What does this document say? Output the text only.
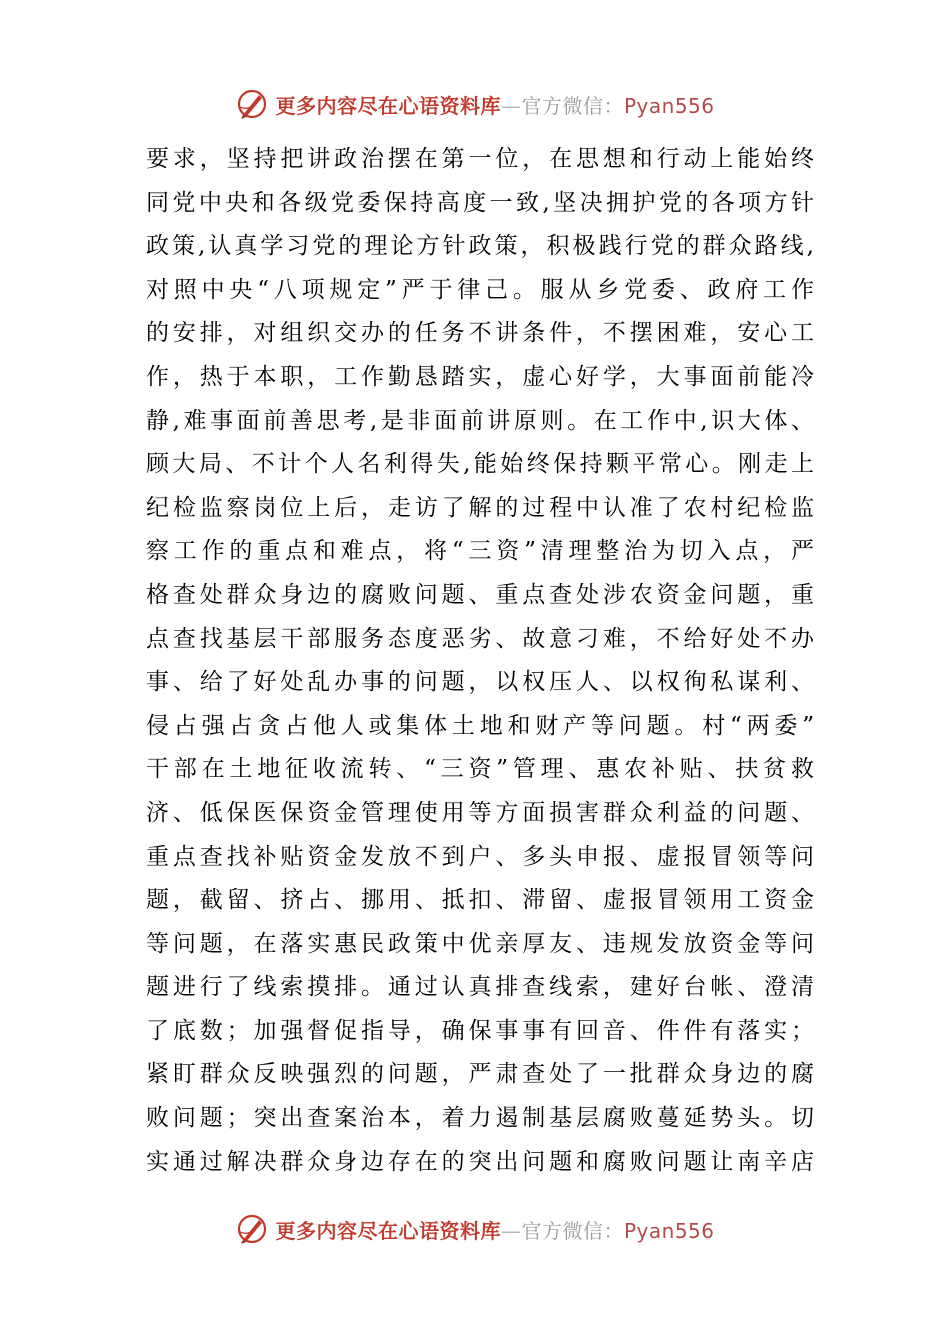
更多内容尽在心语资料库—官方微信：Pyan556
要求，坚持把讲政治摆在第一位，在思想和行动上能始终
同党中央和各级党委保持高度一致,坚决拥护党的各项方针
政策,认真学习党的理论方针政策，积极践行党的群众路线,
对照中央“八项规定”严于律己。服从乡党委、政府工作
的安排，对组织交办的任务不讲条件，不摆困难，安心工
作，热于本职，工作勤恳踏实，虚心好学，大事面前能冷
静,难事面前善思考,是非面前讲原则。在工作中,识大体、
顾大局、不计个人名利得失,能始终保持颗平常心。刚走上
纪检监察岗位上后，走访了解的过程中认准了农村纪检监
察工作的重点和难点，将“三资”清理整治为切入点，严
格查处群众身边的腐败问题、重点查处涉农资金问题，重
点查找基层干部服务态度恶劣、故意刁难，不给好处不办
事、给了好处乱办事的问题，以权压人、以权徇私谋利、
侵占强占贪占他人或集体土地和财产等问题。村“两委”
干部在土地征收流转、“三资”管理、惠农补贴、扶贫救
济、低保医保资金管理使用等方面损害群众利益的问题、
重点查找补贴资金发放不到户、多头申报、虚报冒领等问
题，截留、挤占、挪用、抵扣、滞留、虚报冒领用工资金
等问题，在落实惠民政策中优亲厚友、违规发放资金等问
题进行了线索摸排。通过认真排查线索，建好台帐、澄清
了底数；加强督促指导，确保事事有回音、件件有落实；
紧盯群众反映强烈的问题，严肃查处了一批群众身边的腐
败问题；突出查案治本，着力遏制基层腐败蔓延势头。切
实通过解决群众身边存在的突出问题和腐败问题让南辛店
更多内容尽在心语资料库—官方微信：Pyan556
